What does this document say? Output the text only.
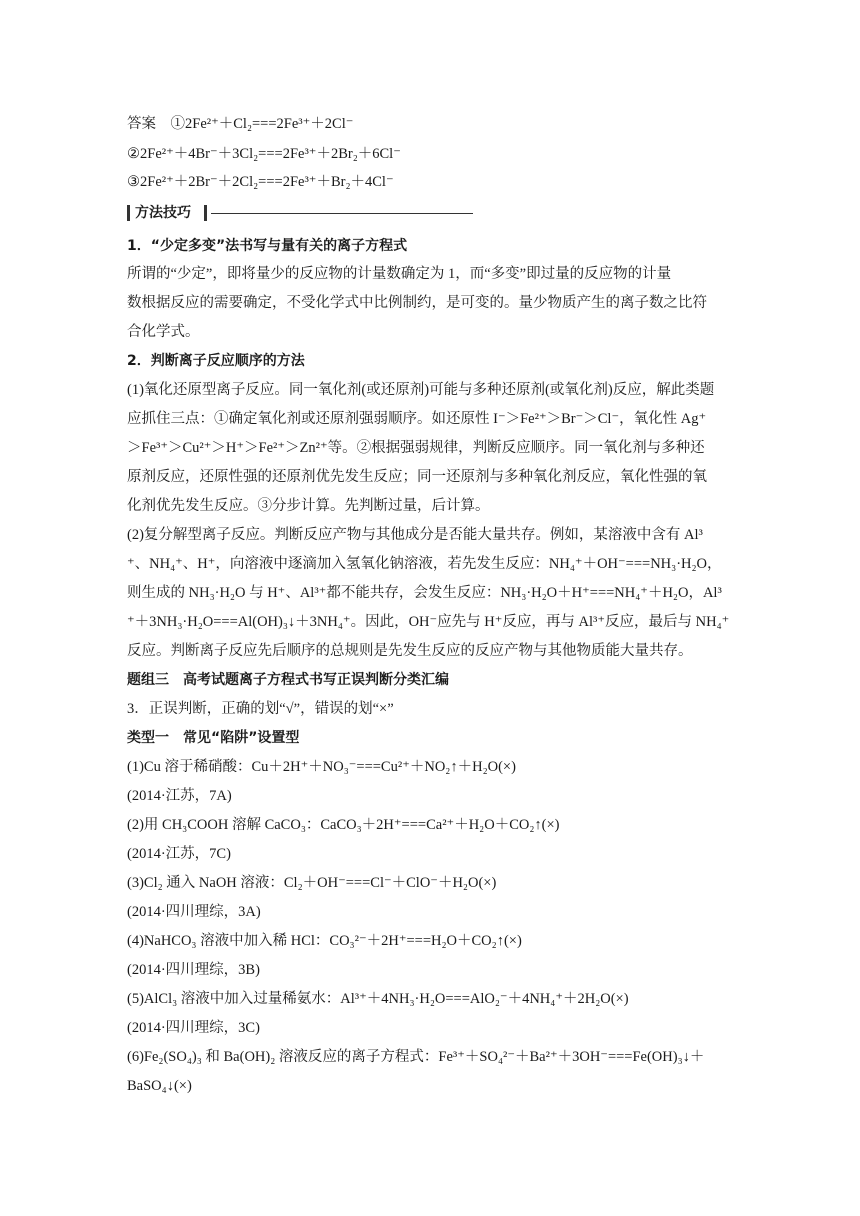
答案　①2Fe²⁺＋Cl₂===2Fe³⁺＋2Cl⁻
②2Fe²⁺＋4Br⁻＋3Cl₂===2Fe³⁺＋2Br₂＋6Cl⁻
③2Fe²⁺＋2Br⁻＋2Cl₂===2Fe³⁺＋Br₂＋4Cl⁻
方法技巧
1．“少定多变”法书写与量有关的离子方程式
所谓的“少定”，即将量少的反应物的计量数确定为 1，而“多变”即过量的反应物的计量
数根据反应的需要确定，不受化学式中比例制约，是可变的。量少物质产生的离子数之比符
合化学式。
2．判断离子反应顺序的方法
(1)氧化还原型离子反应。同一氧化剂(或还原剂)可能与多种还原剂(或氧化剂)反应，解此类题
应抓住三点：①确定氧化剂或还原剂强弱顺序。如还原性 I⁻＞Fe²⁺＞Br⁻＞Cl⁻，氧化性 Ag⁺
＞Fe³⁺＞Cu²⁺＞H⁺＞Fe²⁺＞Zn²⁺等。②根据强弱规律，判断反应顺序。同一氧化剂与多种还
原剂反应，还原性强的还原剂优先发生反应；同一还原剂与多种氧化剂反应，氧化性强的氧
化剂优先发生反应。③分步计算。先判断过量，后计算。
(2)复分解型离子反应。判断反应产物与其他成分是否能大量共存。例如，某溶液中含有 Al³
⁺、NH₄⁺、H⁺，向溶液中逐滴加入氢氧化钠溶液，若先发生反应：NH₄⁺＋OH⁻===NH₃·H₂O，
则生成的 NH₃·H₂O 与 H⁺、Al³⁺都不能共存，会发生反应：NH₃·H₂O＋H⁺===NH₄⁺＋H₂O，Al³
⁺＋3NH₃·H₂O===Al(OH)₃↓＋3NH₄⁺。因此，OH⁻应先与 H⁺反应，再与 Al³⁺反应，最后与 NH₄⁺
反应。判断离子反应先后顺序的总规则是先发生反应的反应产物与其他物质能大量共存。
题组三　高考试题离子方程式书写正误判断分类汇编
3．正误判断，正确的划“√”，错误的划“×”
类型一　常见“陷阱”设置型
(1)Cu 溶于稀硝酸：Cu＋2H⁺＋NO₃⁻===Cu²⁺＋NO₂↑＋H₂O(×)
(2014·江苏，7A)
(2)用 CH₃COOH 溶解 CaCO₃：CaCO₃＋2H⁺===Ca²⁺＋H₂O＋CO₂↑(×)
(2014·江苏，7C)
(3)Cl₂ 通入 NaOH 溶液：Cl₂＋OH⁻===Cl⁻＋ClO⁻＋H₂O(×)
(2014·四川理综，3A)
(4)NaHCO₃ 溶液中加入稀 HCl：CO₃²⁻＋2H⁺===H₂O＋CO₂↑(×)
(2014·四川理综，3B)
(5)AlCl₃ 溶液中加入过量稀氨水：Al³⁺＋4NH₃·H₂O===AlO₂⁻＋4NH₄⁺＋2H₂O(×)
(2014·四川理综，3C)
(6)Fe₂(SO₄)₃ 和 Ba(OH)₂ 溶液反应的离子方程式：Fe³⁺＋SO₄²⁻＋Ba²⁺＋3OH⁻===Fe(OH)₃↓＋
BaSO₄↓(×)
